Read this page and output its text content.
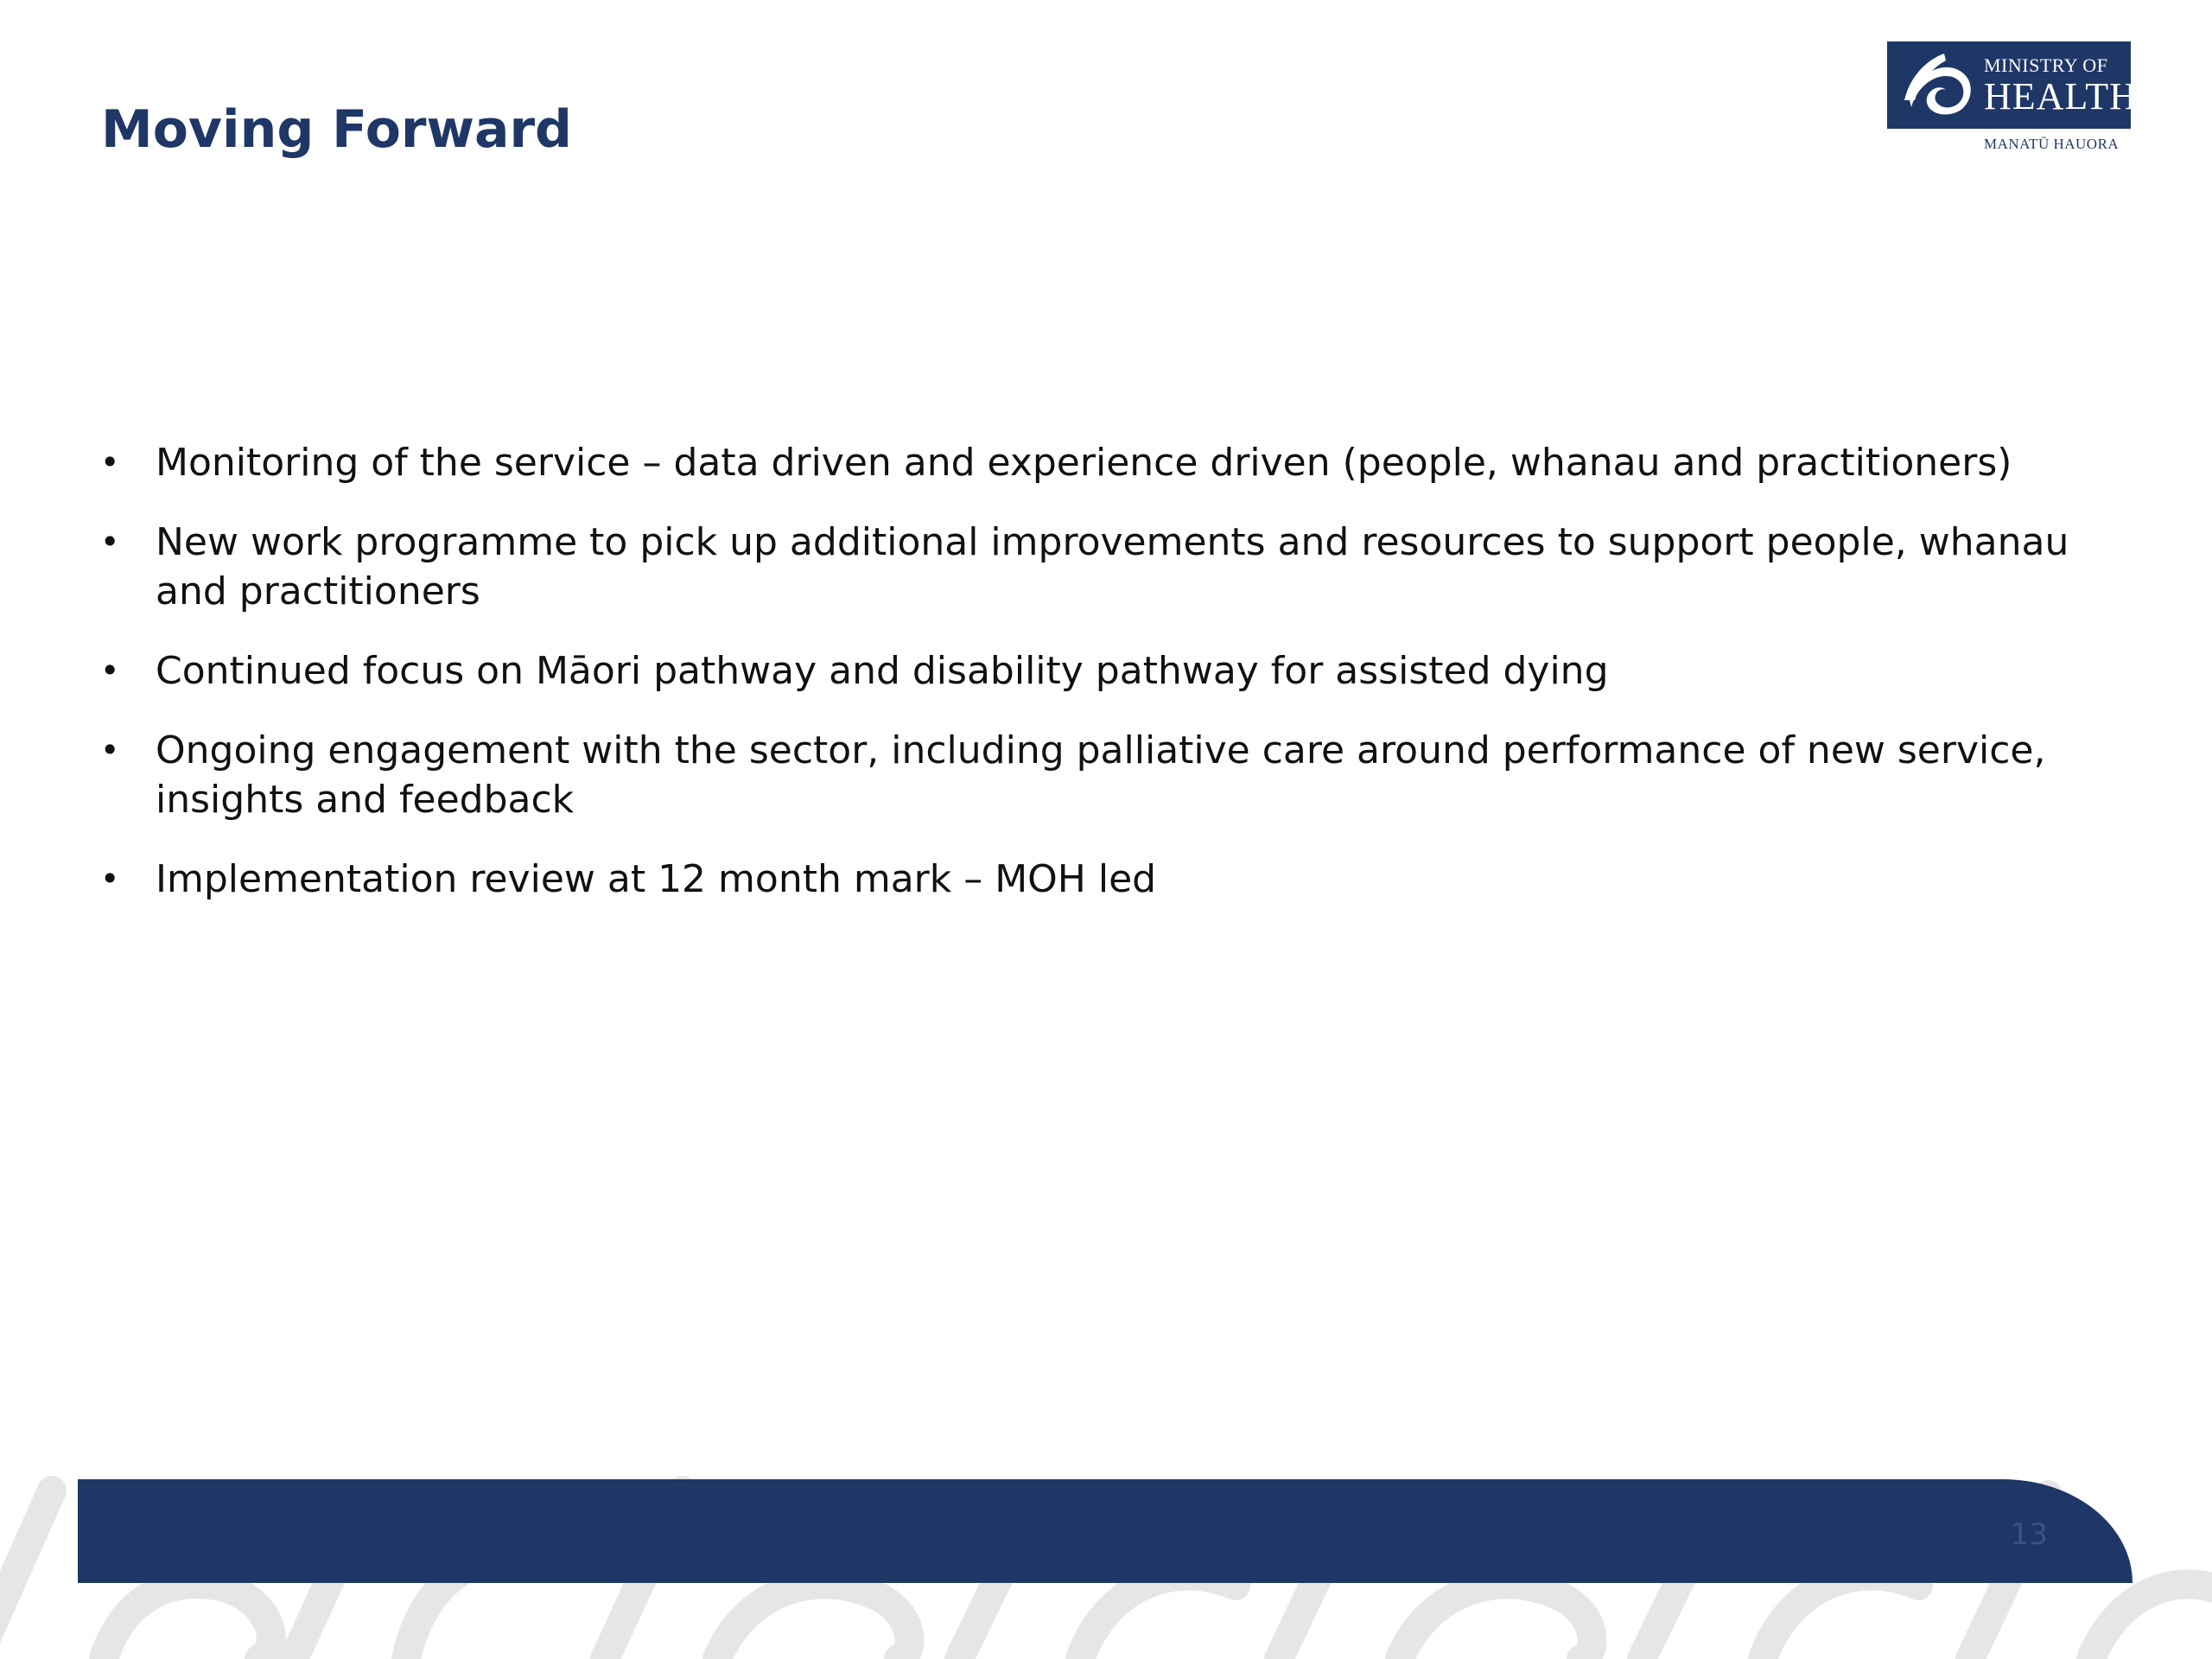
Moving Forward
MINISTRY OF
HEALTH
MANATŪ HAUORA
• Monitoring of the service – data driven and experience driven (people, whanau and practitioners)
• New work programme to pick up additional improvements and resources to support people, whanau and practitioners
• Continued focus on Māori pathway and disability pathway for assisted dying
• Ongoing engagement with the sector, including palliative care around performance of new service, insights and feedback
• Implementation review at 12 month mark – MOH led
13
